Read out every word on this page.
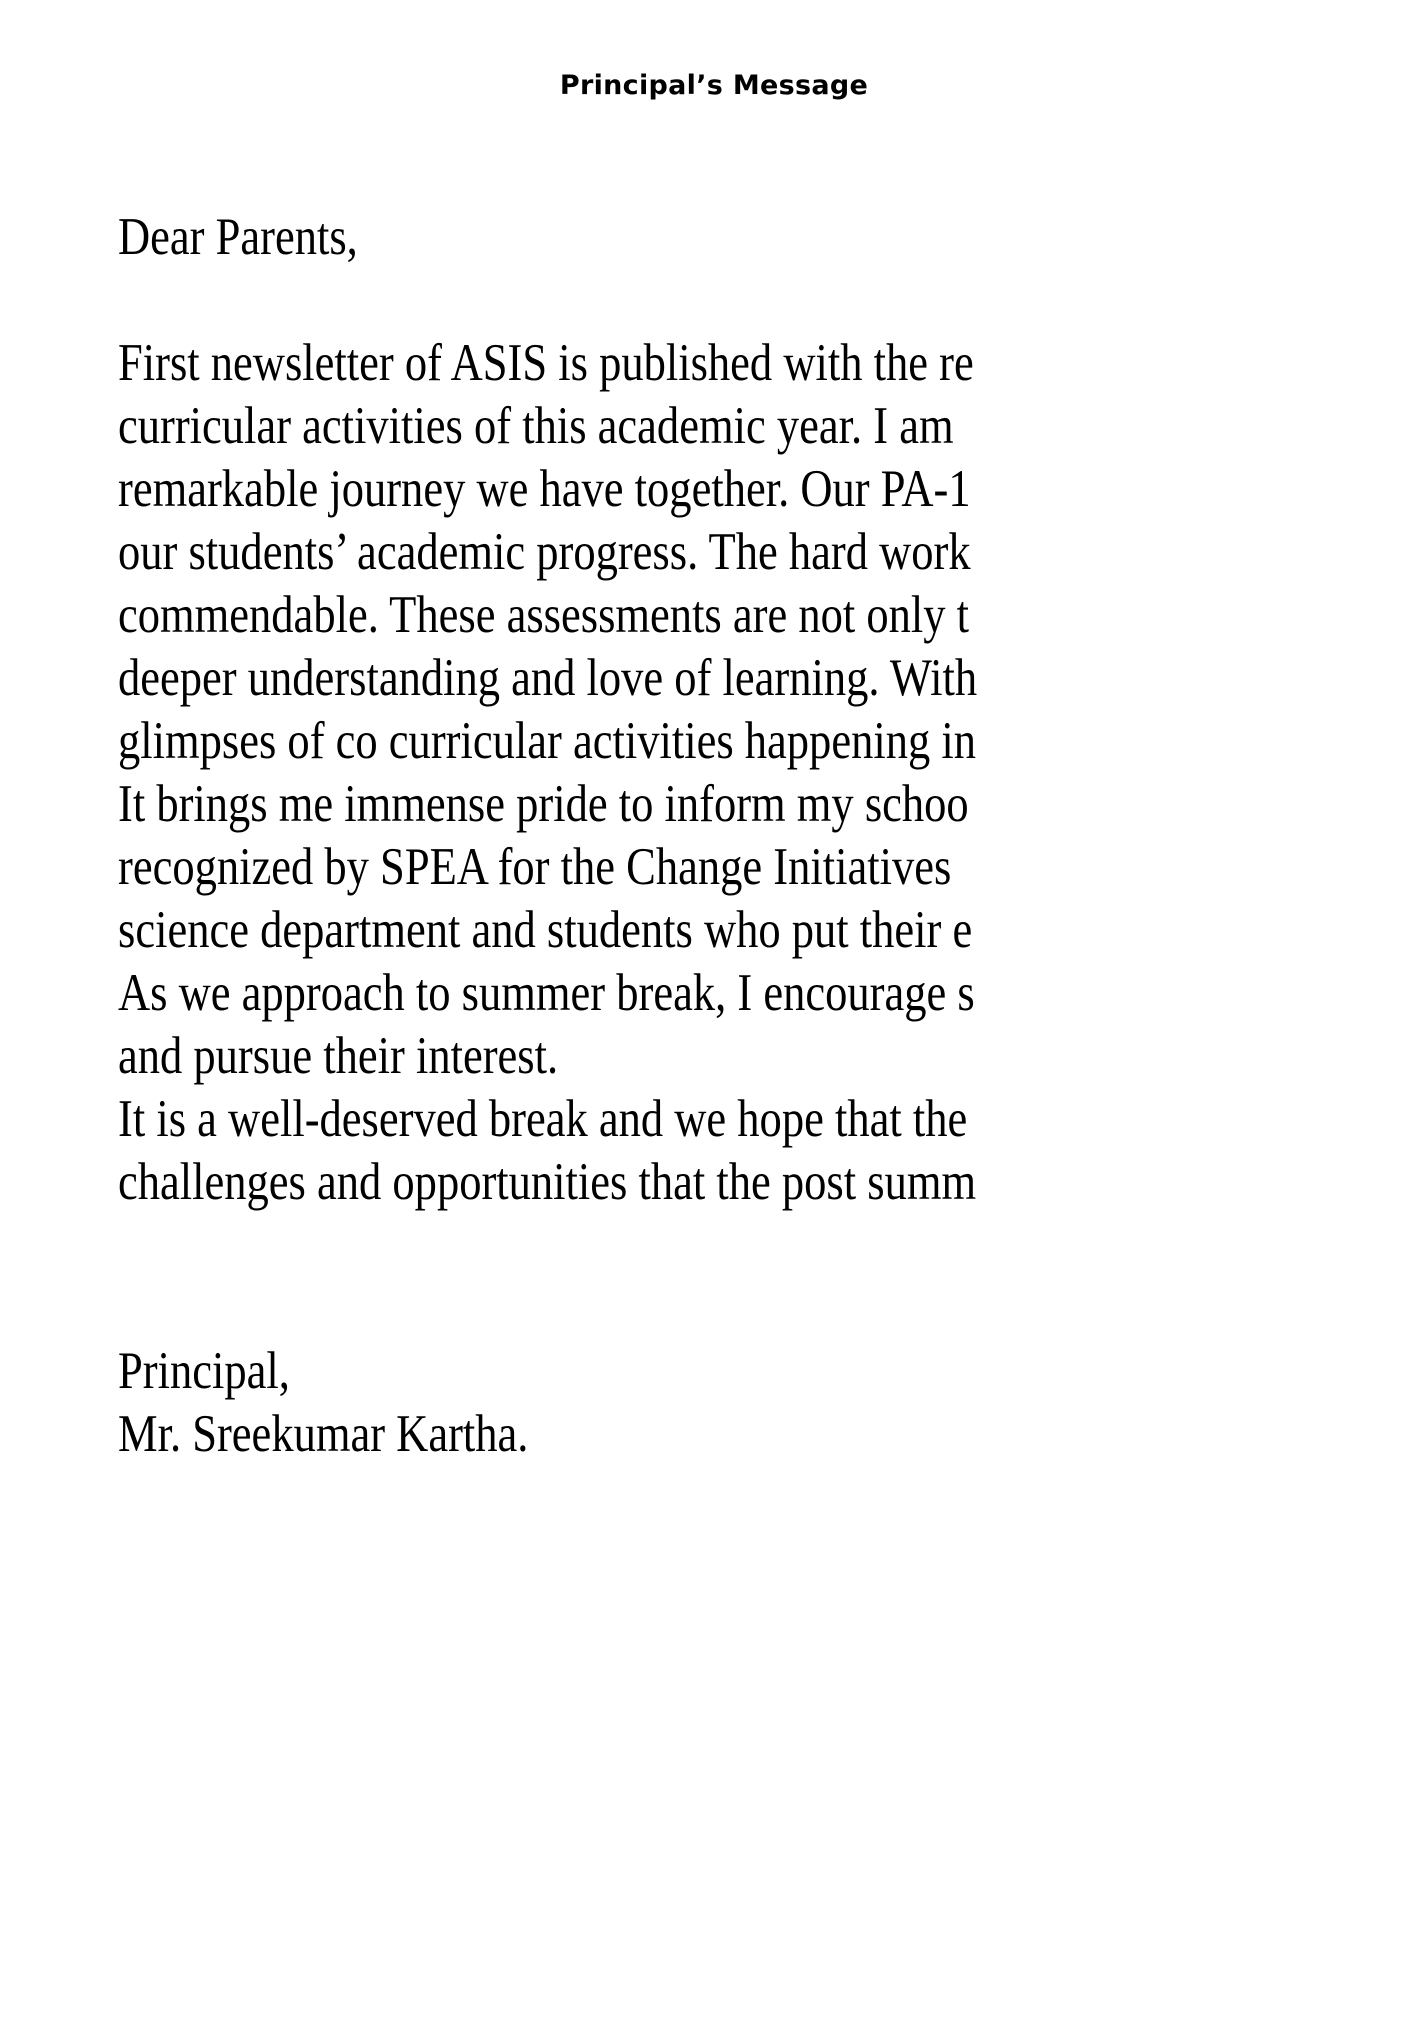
Principal’s Message
Dear Parents,
First newsletter of ASIS is published with the re
curricular activities of this academic year. I am
remarkable journey we have together. Our PA-1
our students’ academic progress. The hard work
commendable. These assessments are not only t
deeper understanding and love of learning. With
glimpses of co curricular activities happening in
It brings me immense pride to inform my schoo
recognized by SPEA for the Change Initiatives
science department and students who put their e
As we approach to summer break, I encourage s
and pursue their interest.
It is a well-deserved break and we hope that the
challenges and opportunities that the post summ
Principal,
Mr. Sreekumar Kartha.
